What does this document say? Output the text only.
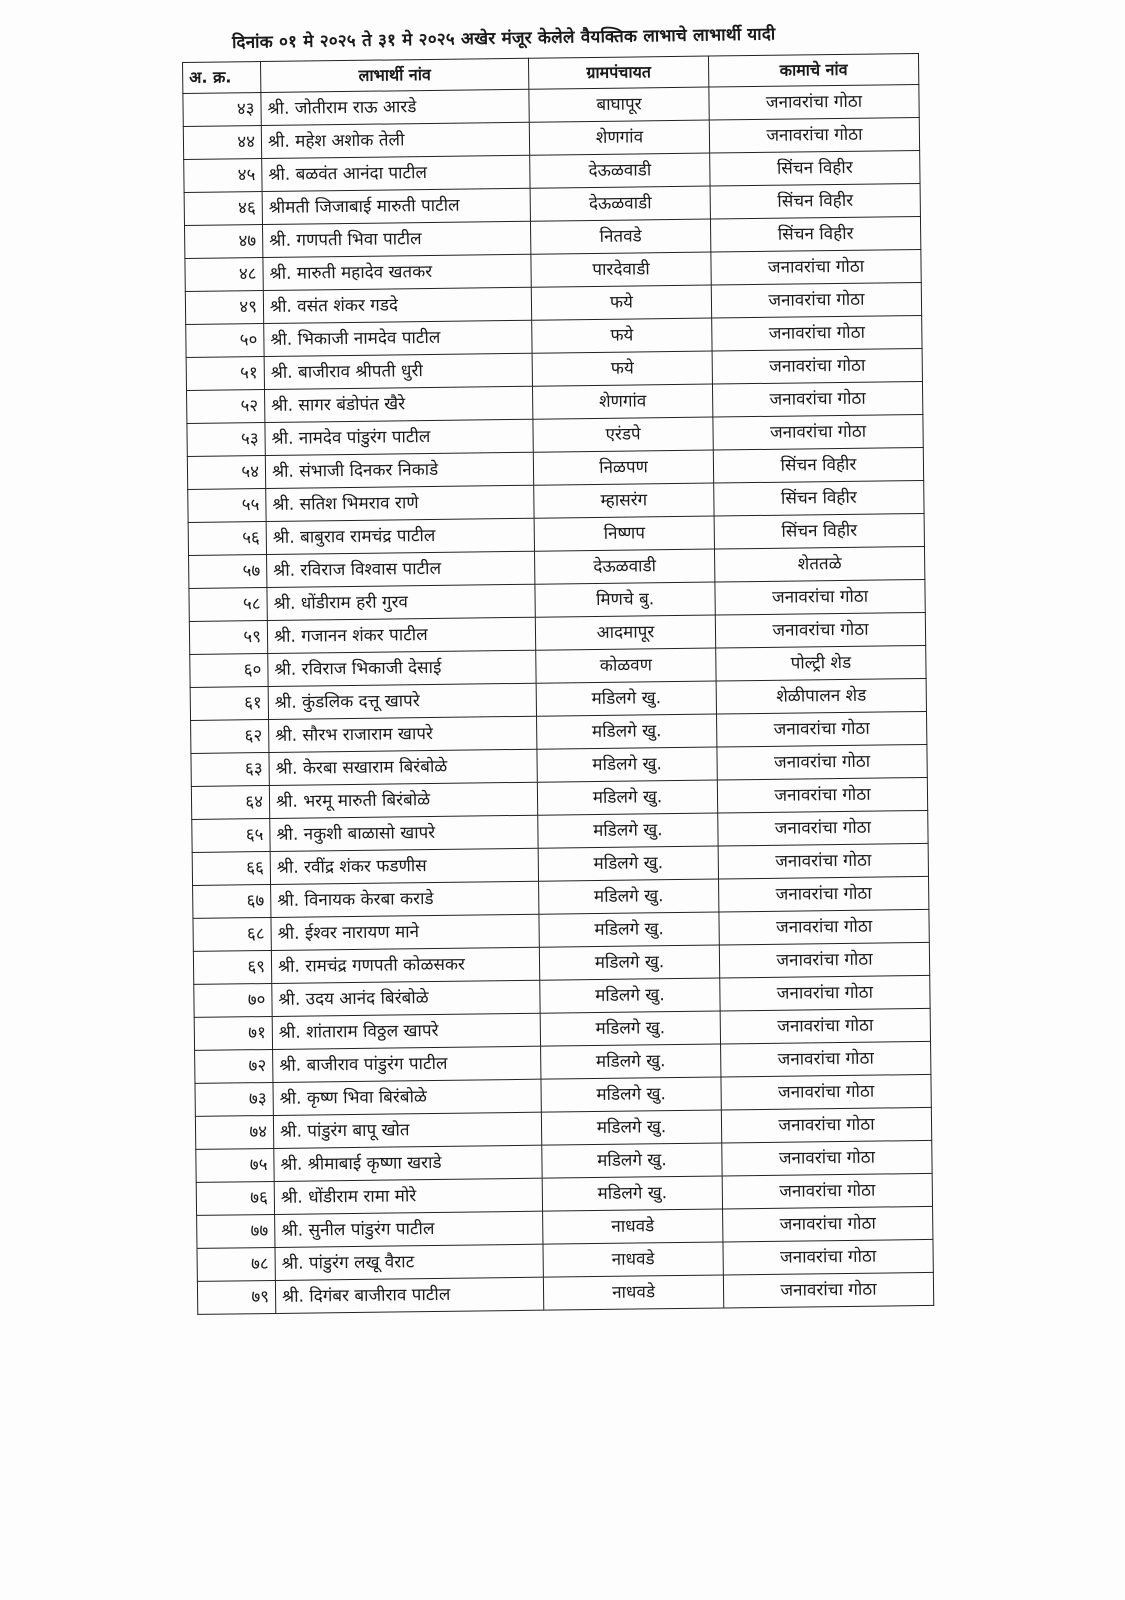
दिनांक ०१ मे २०२५ ते ३१ मे २०२५ अखेर मंजूर केलेले वैयक्तिक लाभाचे लाभार्थी यादी
अ. क्र.	लाभार्थी नांव	ग्रामपंचायत	कामाचे नांव
४३	श्री. जोतीराम राऊ आरडे	बाघापूर	जनावरांचा गोठा
४४	श्री. महेश अशोक तेली	शेणगांव	जनावरांचा गोठा
४५	श्री. बळवंत आनंदा पाटील	देऊळवाडी	सिंचन विहीर
४६	श्रीमती जिजाबाई मारुती पाटील	देऊळवाडी	सिंचन विहीर
४७	श्री. गणपती भिवा पाटील	नितवडे	सिंचन विहीर
४८	श्री. मारुती महादेव खतकर	पारदेवाडी	जनावरांचा गोठा
४९	श्री. वसंत शंकर गडदे	फये	जनावरांचा गोठा
५०	श्री. भिकाजी नामदेव पाटील	फये	जनावरांचा गोठा
५१	श्री. बाजीराव श्रीपती धुरी	फये	जनावरांचा गोठा
५२	श्री. सागर बंडोपंत खैरे	शेणगांव	जनावरांचा गोठा
५३	श्री. नामदेव पांडुरंग पाटील	एरंडपे	जनावरांचा गोठा
५४	श्री. संभाजी दिनकर निकाडे	निळपण	सिंचन विहीर
५५	श्री. सतिश भिमराव राणे	म्हासरंग	सिंचन विहीर
५६	श्री. बाबुराव रामचंद्र पाटील	निष्णप	सिंचन विहीर
५७	श्री. रविराज विश्वास पाटील	देऊळवाडी	शेततळे
५८	श्री. धोंडीराम हरी गुरव	मिणचे बु.	जनावरांचा गोठा
५९	श्री. गजानन शंकर पाटील	आदमापूर	जनावरांचा गोठा
६०	श्री. रविराज भिकाजी देसाई	कोळवण	पोल्ट्री शेड
६१	श्री. कुंडलिक दत्तू खापरे	मडिलगे खु.	शेळीपालन शेड
६२	श्री. सौरभ राजाराम खापरे	मडिलगे खु.	जनावरांचा गोठा
६३	श्री. केरबा सखाराम बिरंबोळे	मडिलगे खु.	जनावरांचा गोठा
६४	श्री. भरमू मारुती बिरंबोळे	मडिलगे खु.	जनावरांचा गोठा
६५	श्री. नकुशी बाळासो खापरे	मडिलगे खु.	जनावरांचा गोठा
६६	श्री. रवींद्र शंकर फडणीस	मडिलगे खु.	जनावरांचा गोठा
६७	श्री. विनायक केरबा कराडे	मडिलगे खु.	जनावरांचा गोठा
६८	श्री. ईश्वर नारायण माने	मडिलगे खु.	जनावरांचा गोठा
६९	श्री. रामचंद्र गणपती कोळसकर	मडिलगे खु.	जनावरांचा गोठा
७०	श्री. उदय आनंद बिरंबोळे	मडिलगे खु.	जनावरांचा गोठा
७१	श्री. शांताराम विठ्ठल खापरे	मडिलगे खु.	जनावरांचा गोठा
७२	श्री. बाजीराव पांडुरंग पाटील	मडिलगे खु.	जनावरांचा गोठा
७३	श्री. कृष्ण भिवा बिरंबोळे	मडिलगे खु.	जनावरांचा गोठा
७४	श्री. पांडुरंग बापू खोत	मडिलगे खु.	जनावरांचा गोठा
७५	श्री. श्रीमाबाई कृष्णा खराडे	मडिलगे खु.	जनावरांचा गोठा
७६	श्री. धोंडीराम रामा मोरे	मडिलगे खु.	जनावरांचा गोठा
७७	श्री. सुनील पांडुरंग पाटील	नाधवडे	जनावरांचा गोठा
७८	श्री. पांडुरंग लखू वैराट	नाधवडे	जनावरांचा गोठा
७९	श्री. दिगंबर बाजीराव पाटील	नाधवडे	जनावरांचा गोठा
